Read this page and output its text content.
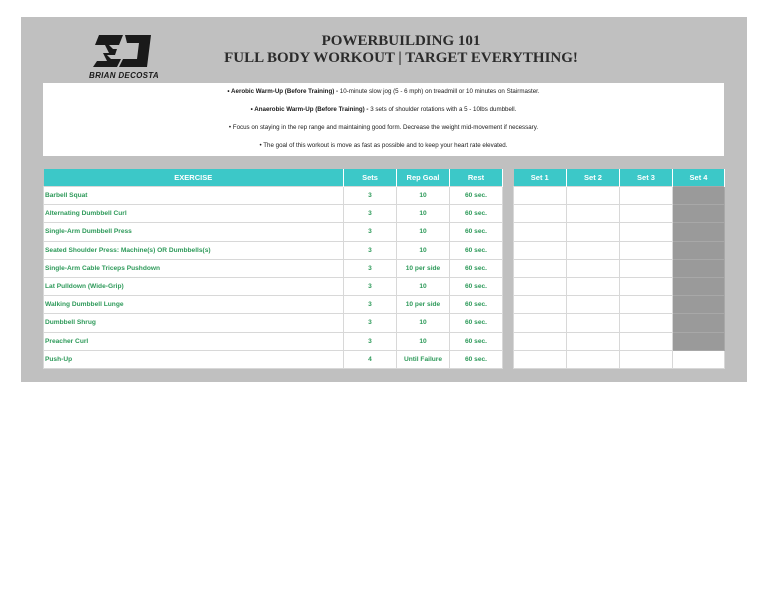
BRIAN DECOSTA
POWERBUILDING 101
FULL BODY WORKOUT | TARGET EVERYTHING!
• Aerobic Warm-Up (Before Training) - 10-minute slow jog (5 - 6 mph) on treadmill or 10 minutes on Stairmaster.
• Anaerobic Warm-Up (Before Training) - 3 sets of shoulder rotations with a 5 - 10lbs dumbbell.
• Focus on staying in the rep range and maintaining good form. Decrease the weight mid-movement if necessary.
• The goal of this workout is move as fast as possible and to keep your heart rate elevated.
EXERCISE	Sets	Rep Goal	Rest		Set 1	Set 2	Set 3	Set 4
Barbell Squat	3	10	60 sec.					
Alternating Dumbbell Curl	3	10	60 sec.					
Single-Arm Dumbbell Press	3	10	60 sec.					
Seated Shoulder Press: Machine(s) OR Dumbbells(s)	3	10	60 sec.					
Single-Arm Cable Triceps Pushdown	3	10 per side	60 sec.					
Lat Pulldown (Wide-Grip)	3	10	60 sec.					
Walking Dumbbell Lunge	3	10 per side	60 sec.					
Dumbbell Shrug	3	10	60 sec.					
Preacher Curl	3	10	60 sec.					
Push-Up	4	Until Failure	60 sec.					
